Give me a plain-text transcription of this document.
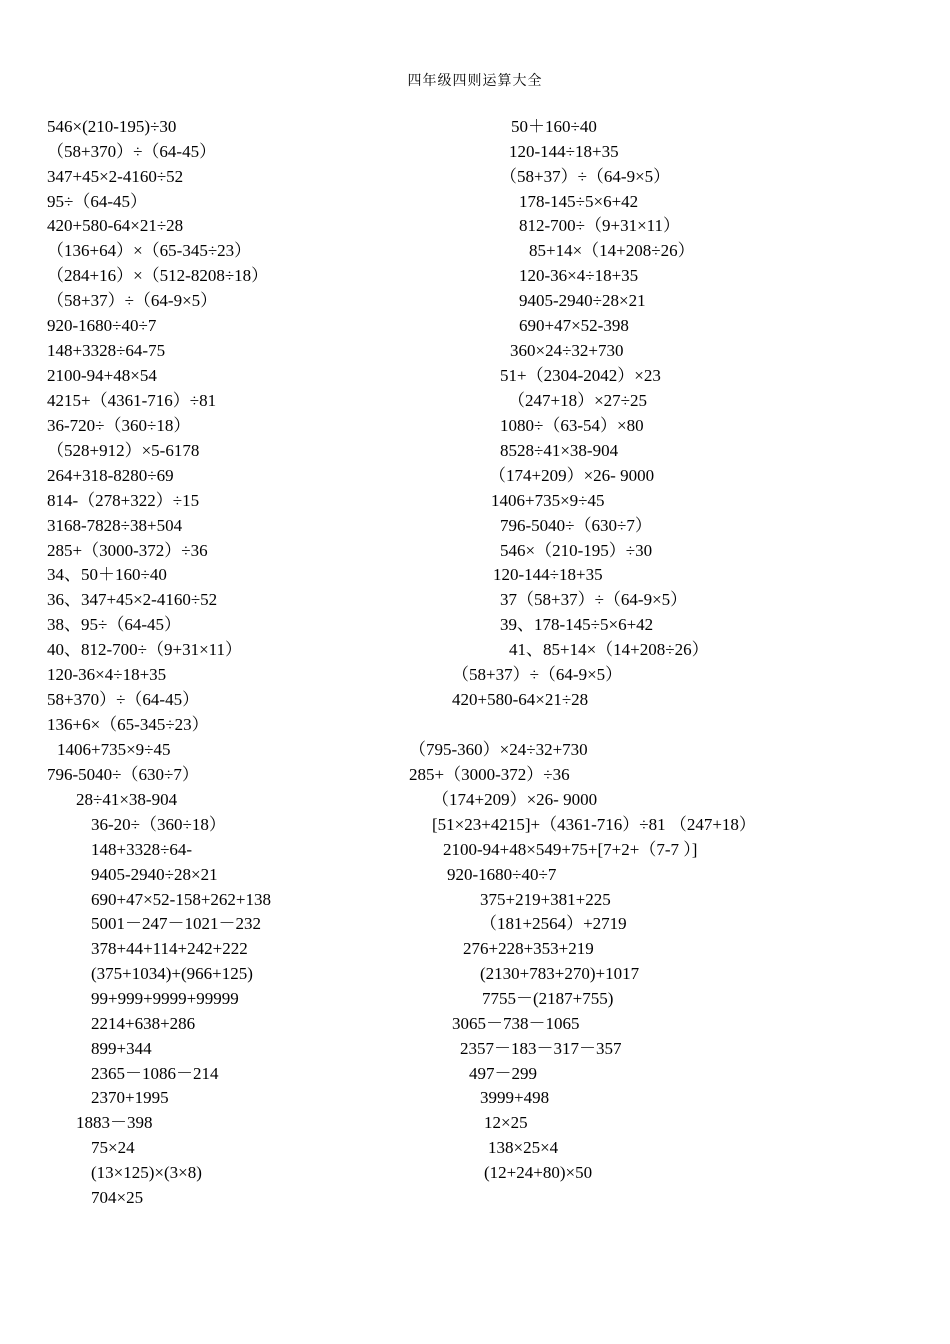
四年级四则运算大全
546×(210-195)÷30
（58+370）÷（64-45）
347+45×2-4160÷52
95÷（64-45）
420+580-64×21÷28
（136+64）×（65-345÷23）
（284+16）×（512-8208÷18）
（58+37）÷（64-9×5）
920-1680÷40÷7
148+3328÷64-75
2100-94+48×54
4215+（4361-716）÷81
36-720÷（360÷18）
（528+912）×5-6178
264+318-8280÷69
814-（278+322）÷15
3168-7828÷38+504
285+（3000-372）÷36
34、50＋160÷40
36、347+45×2-4160÷52
38、95÷（64-45）
40、812-700÷（9+31×11）
120-36×4÷18+35
58+370）÷（64-45）
136+6×（65-345÷23）
1406+735×9÷45
796-5040÷（630÷7）
28÷41×38-904
36-20÷（360÷18）
148+3328÷64-
9405-2940÷28×21
690+47×52-158+262+138
5001－247－1021－232
378+44+114+242+222
(375+1034)+(966+125)
99+999+9999+99999
2214+638+286
899+344
2365－1086－214
2370+1995
1883－398
75×24
(13×125)×(3×8)
704×25
50＋160÷40
120-144÷18+35
（58+37）÷（64-9×5）
178-145÷5×6+42
812-700÷（9+31×11）
85+14×（14+208÷26）
120-36×4÷18+35
9405-2940÷28×21
690+47×52-398
360×24÷32+730
51+（2304-2042）×23
（247+18）×27÷25
1080÷（63-54）×80
8528÷41×38-904
（174+209）×26- 9000
1406+735×9÷45
796-5040÷（630÷7）
546×（210-195）÷30
120-144÷18+35
37（58+37）÷（64-9×5）
39、178-145÷5×6+42
41、85+14×（14+208÷26）
（58+37）÷（64-9×5）
420+580-64×21÷28
（795-360）×24÷32+730
285+（3000-372）÷36
（174+209）×26- 9000
[51×23+4215]+（4361-716）÷81 （247+18）
2100-94+48×549+75+[7+2+（7-7 ）]
920-1680÷40÷7
375+219+381+225
（181+2564）+2719
276+228+353+219
(2130+783+270)+1017
7755－(2187+755)
3065－738－1065
2357－183－317－357
497－299
3999+498
12×25
138×25×4
(12+24+80)×50
